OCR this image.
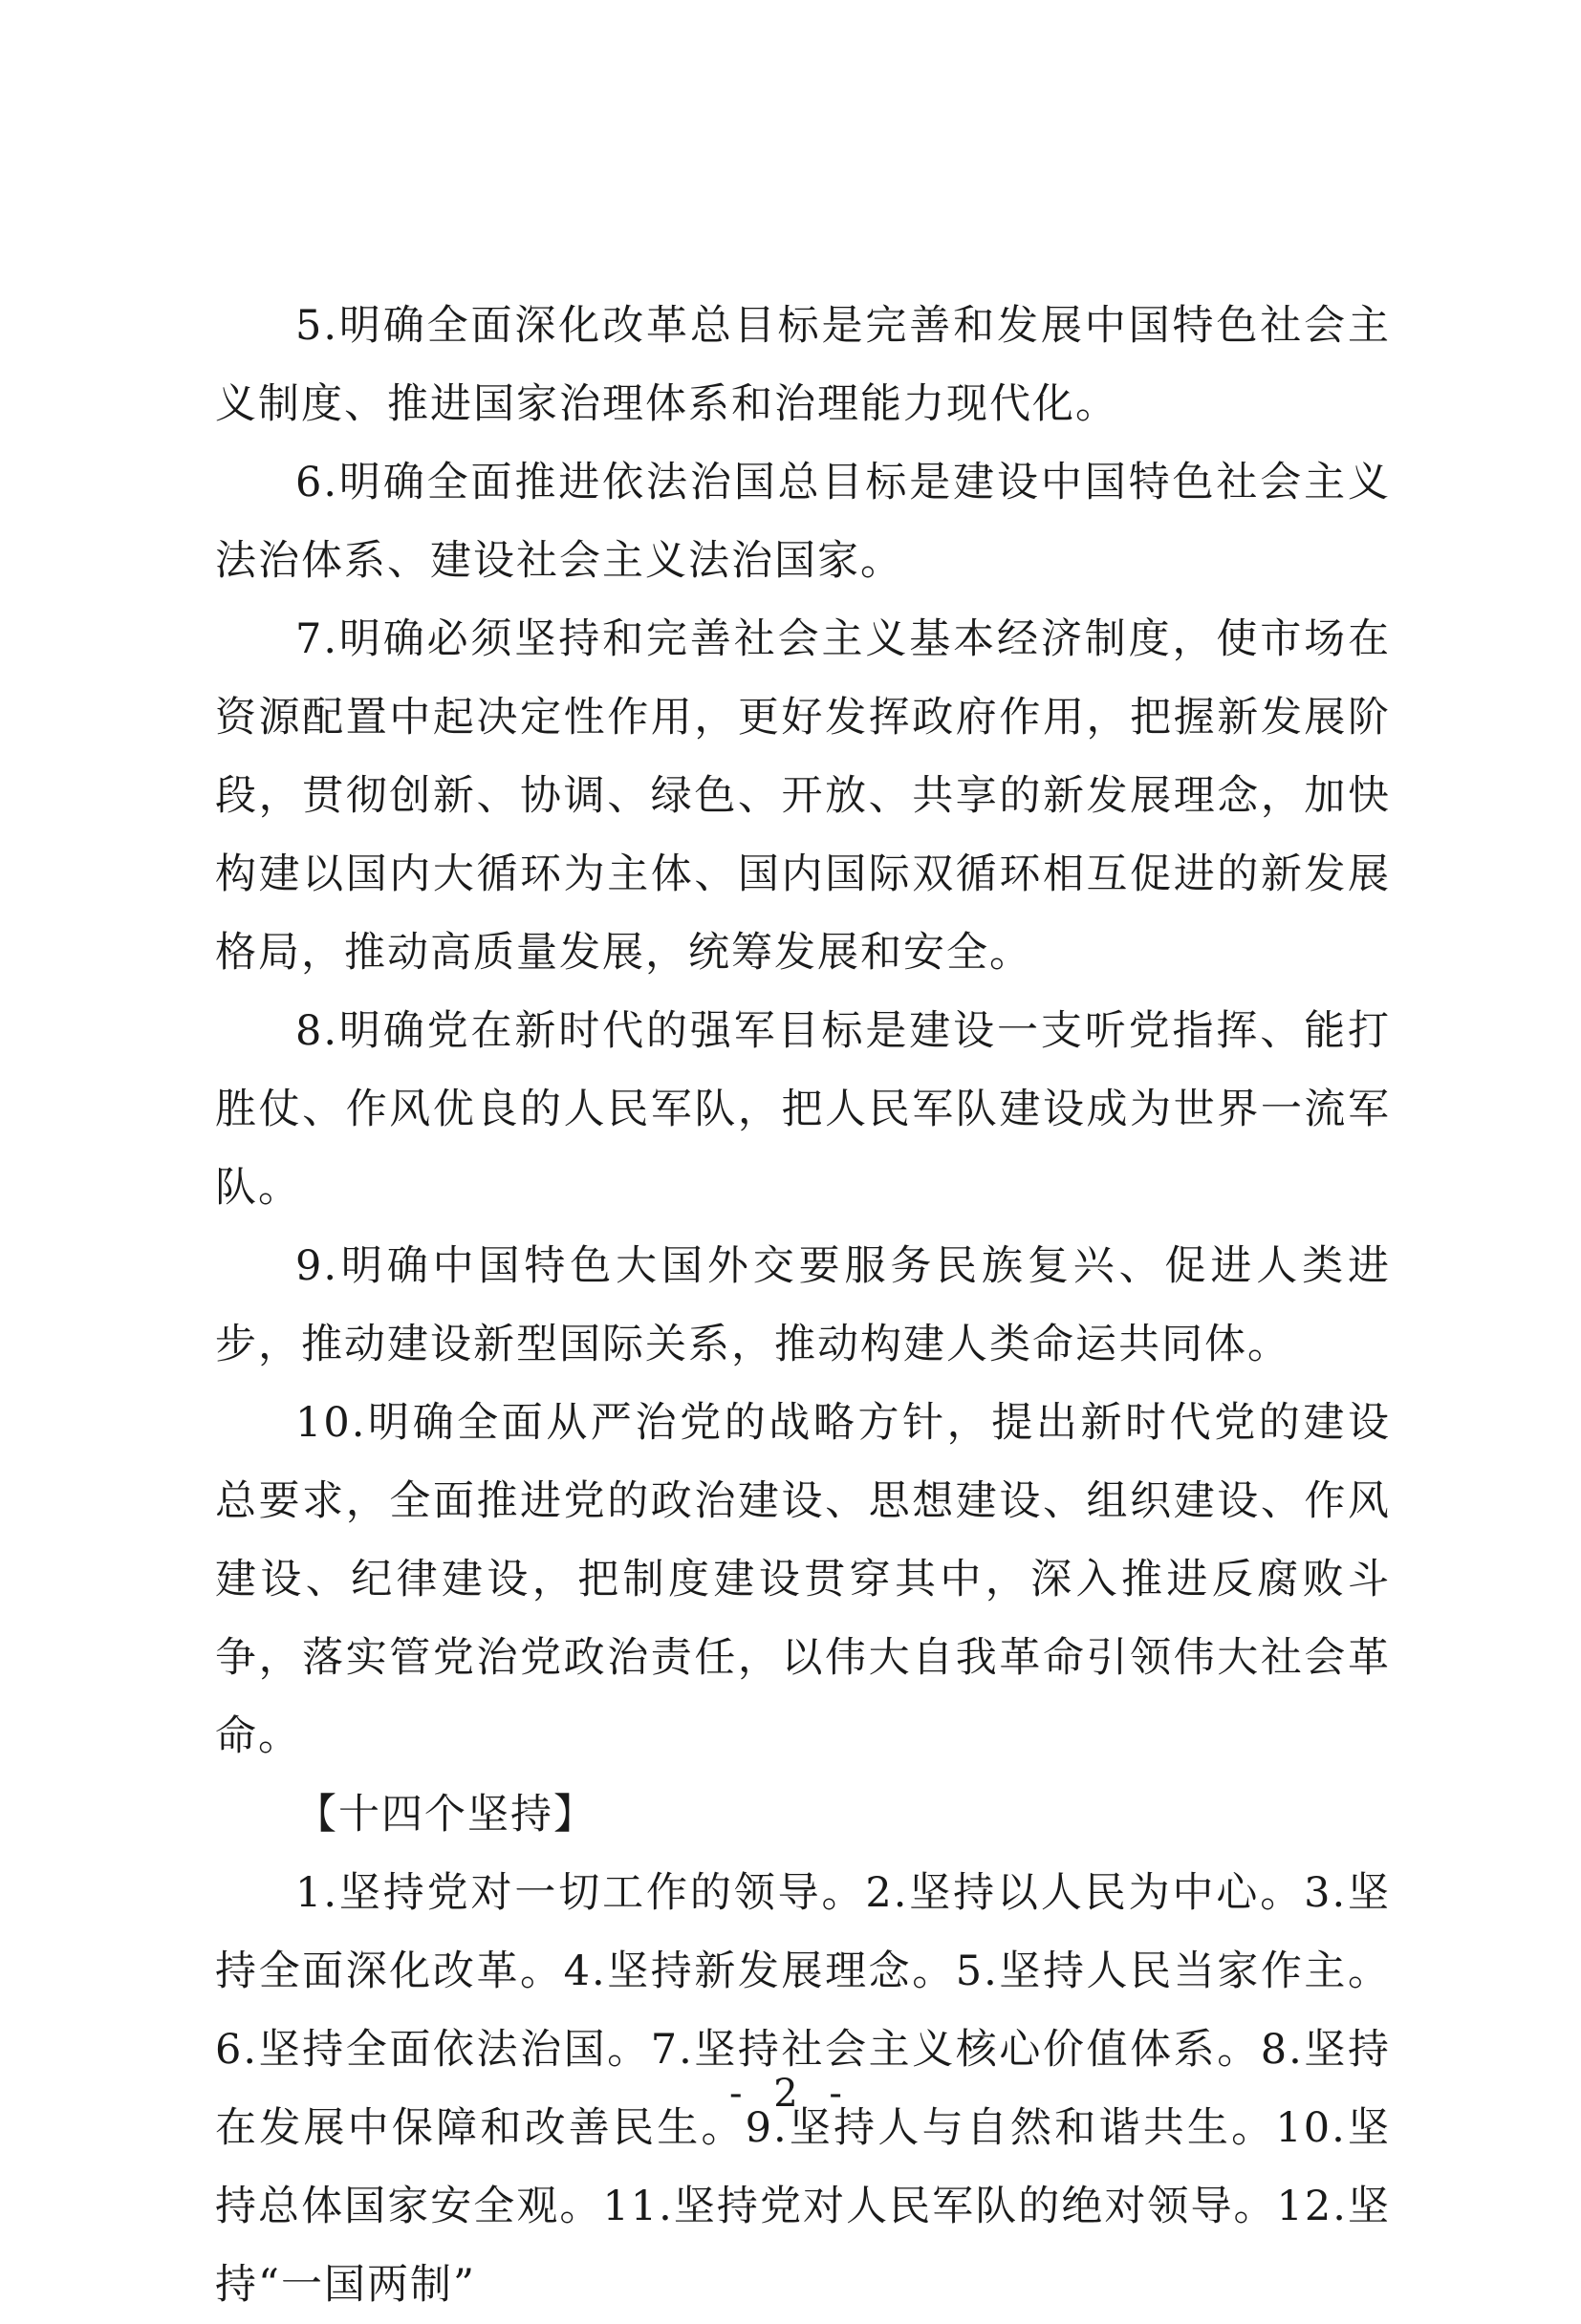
5.明确全面深化改革总目标是完善和发展中国特色社会主义制度、推进国家治理体系和治理能力现代化。

6.明确全面推进依法治国总目标是建设中国特色社会主义法治体系、建设社会主义法治国家。

7.明确必须坚持和完善社会主义基本经济制度，使市场在资源配置中起决定性作用，更好发挥政府作用，把握新发展阶段，贯彻创新、协调、绿色、开放、共享的新发展理念，加快构建以国内大循环为主体、国内国际双循环相互促进的新发展格局，推动高质量发展，统筹发展和安全。

8.明确党在新时代的强军目标是建设一支听党指挥、能打胜仗、作风优良的人民军队，把人民军队建设成为世界一流军队。

9.明确中国特色大国外交要服务民族复兴、促进人类进步，推动建设新型国际关系，推动构建人类命运共同体。

10.明确全面从严治党的战略方针，提出新时代党的建设总要求，全面推进党的政治建设、思想建设、组织建设、作风建设、纪律建设，把制度建设贯穿其中，深入推进反腐败斗争，落实管党治党政治责任，以伟大自我革命引领伟大社会革命。

【十四个坚持】

1.坚持党对一切工作的领导。2.坚持以人民为中心。3.坚持全面深化改革。4.坚持新发展理念。5.坚持人民当家作主。6.坚持全面依法治国。7.坚持社会主义核心价值体系。8.坚持在发展中保障和改善民生。9.坚持人与自然和谐共生。10.坚持总体国家安全观。11.坚持党对人民军队的绝对领导。12.坚持“一国两制”

- 2 -
